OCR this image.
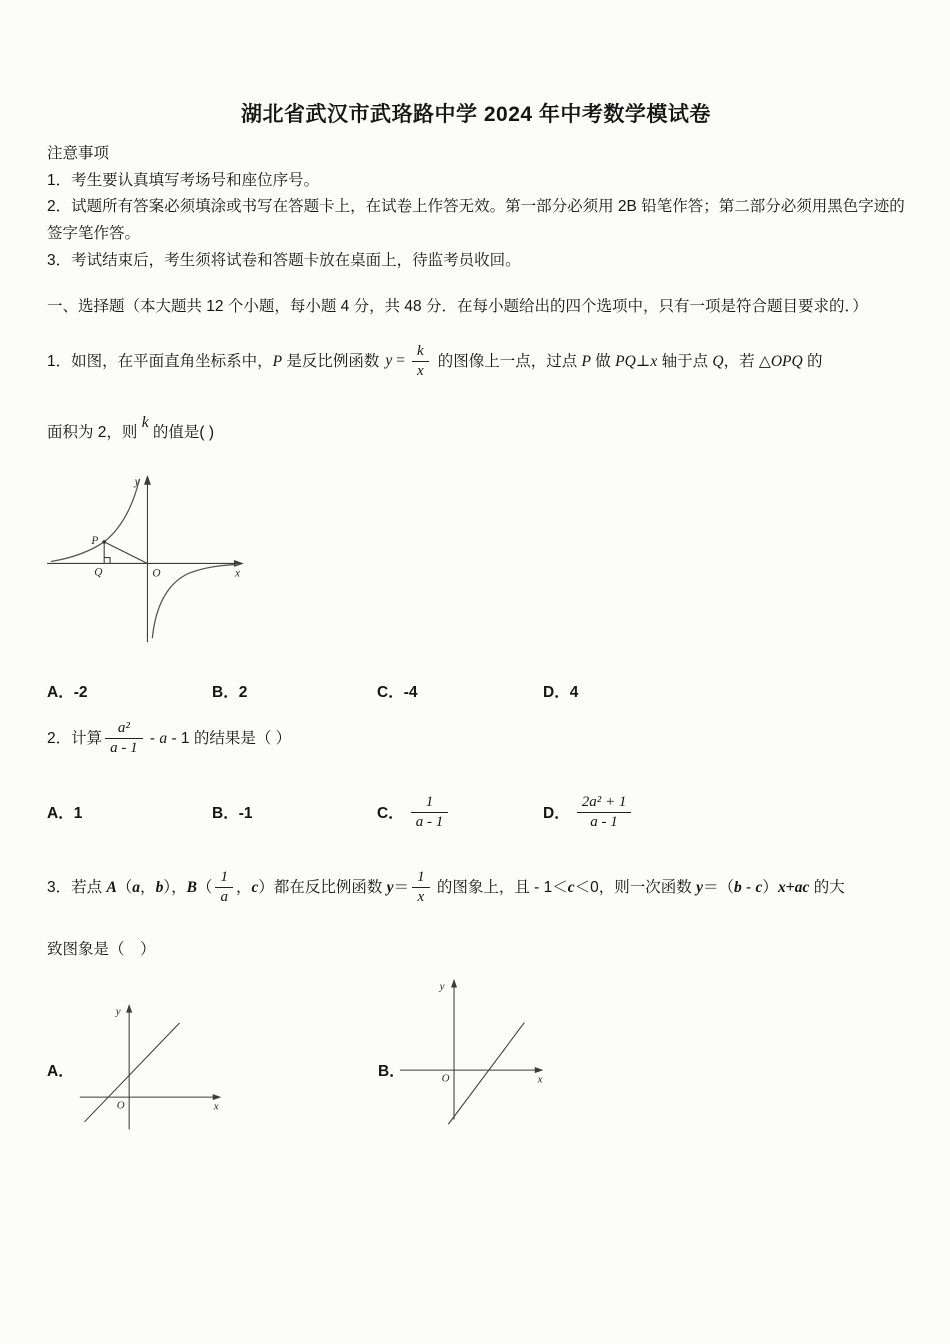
湖北省武汉市武珞路中学 2024 年中考数学模试卷
注意事项

1．考生要认真填写考场号和座位序号。

2．试题所有答案必须填涂或书写在答题卡上，在试卷上作答无效。第一部分必须用 2B 铅笔作答；第二部分必须用黑色字迹的签字笔作答。

3．考试结束后，考生须将试卷和答题卡放在桌面上，待监考员收回。

一、选择题（本大题共 12 个小题，每小题 4 分，共 48 分．在每小题给出的四个选项中，只有一项是符合题目要求的．）

1．如图，在平面直角坐标系中，P 是反比例函数 $y = \frac{k}{x}$ 的图像上一点，过点 P 做 PQ⊥x 轴于点 Q，若 △OPQ 的

面积为 2，则 k 的值是( )

y
x
O
P
Q
A．-2	B．2	C．-4	D．4

2．计算 $\frac{\text{a²}}{a - 1}$ - a - 1 的结果是（ ）

A．1	B．-1	C． $\frac{1}{a - 1}$	D． $\frac{\text{2a² + 1}}{a - 1}$

3．若点 A（a，b），$B( \frac{1}{a}$ ，c）都在反比例函数 $y= \frac{1}{x}$ 的图象上，且 - 1＜c＜0，则一次函数 y＝（b - c）x+ac 的大

致图象是（　）

A．
y
x
O
B．
y
x
O
